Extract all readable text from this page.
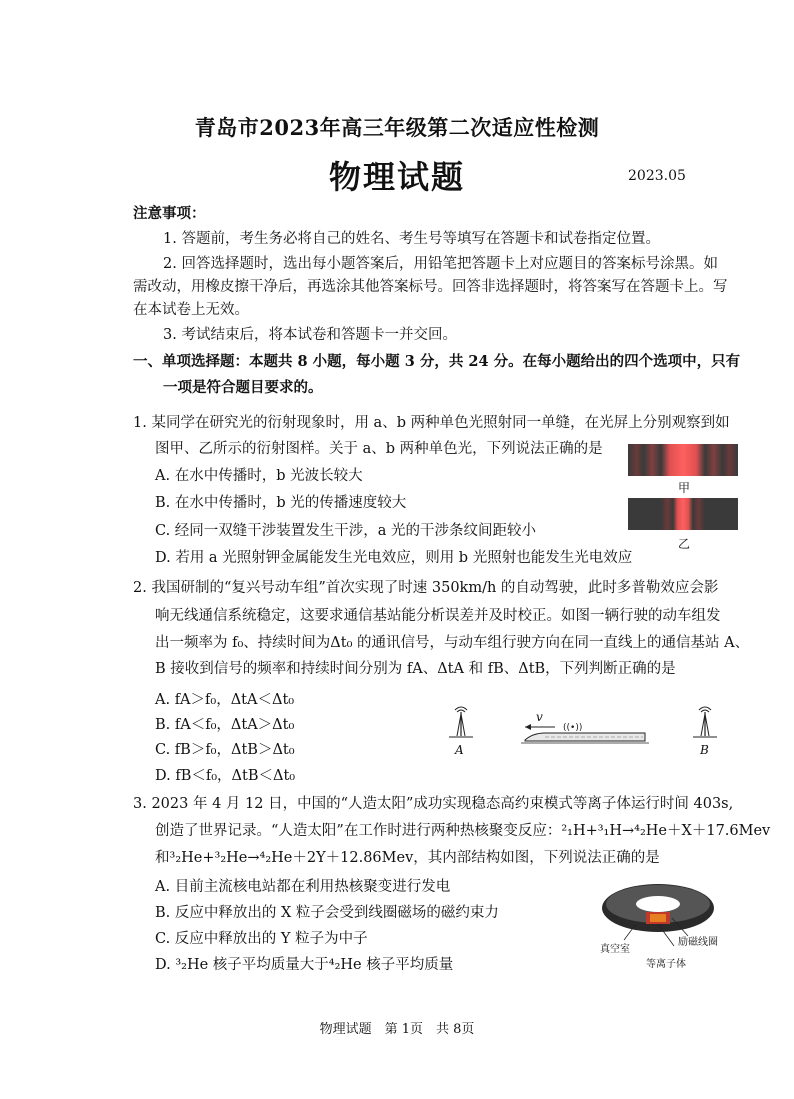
青岛市2023年高三年级第二次适应性检测
物理试题	2023.05
注意事项：
1. 答题前，考生务必将自己的姓名、考生号等填写在答题卡和试卷指定位置。
2. 回答选择题时，选出每小题答案后，用铅笔把答题卡上对应题目的答案标号涂黑。如
需改动，用橡皮擦干净后，再选涂其他答案标号。回答非选择题时，将答案写在答题卡上。写
在本试卷上无效。
3. 考试结束后，将本试卷和答题卡一并交回。
一、单项选择题：本题共 8 小题，每小题 3 分，共 24 分。在每小题给出的四个选项中，只有
一项是符合题目要求的。
1. 某同学在研究光的衍射现象时，用 a、b 两种单色光照射同一单缝，在光屏上分别观察到如
图甲、乙所示的衍射图样。关于 a、b 两种单色光，下列说法正确的是
A. 在水中传播时，b 光波长较大
B. 在水中传播时，b 光的传播速度较大
C. 经同一双缝干涉装置发生干涉，a 光的干涉条纹间距较小
D. 若用 a 光照射钾金属能发生光电效应，则用 b 光照射也能发生光电效应
甲
乙
2. 我国研制的“复兴号动车组”首次实现了时速 350km/h 的自动驾驶，此时多普勒效应会影
响无线通信系统稳定，这要求通信基站能分析误差并及时校正。如图一辆行驶的动车组发
出一频率为 f₀、持续时间为Δt₀ 的通讯信号，与动车组行驶方向在同一直线上的通信基站 A、
B 接收到信号的频率和持续时间分别为 fA、ΔtA 和 fB、ΔtB，下列判断正确的是
A. fA＞f₀，ΔtA＜Δt₀
B. fA＜f₀，ΔtA＞Δt₀
C. fB＞f₀，ΔtB＞Δt₀
D. fB＜f₀，ΔtB＜Δt₀
((•))
v
A	B
3. 2023 年 4 月 12 日，中国的“人造太阳”成功实现稳态高约束模式等离子体运行时间 403s,
创造了世界记录。“人造太阳”在工作时进行两种热核聚变反应：²₁H+³₁H→⁴₂He＋X＋17.6Mev
和³₂He+³₂He→⁴₂He＋2Y＋12.86Mev，其内部结构如图，下列说法正确的是
A. 目前主流核电站都在利用热核聚变进行发电
B. 反应中释放出的 X 粒子会受到线圈磁场的磁约束力
C. 反应中释放出的 Y 粒子为中子
D. ³₂He 核子平均质量大于⁴₂He 核子平均质量
真空室
励磁线圈
等离子体
物理试题　第 1页　共 8页
